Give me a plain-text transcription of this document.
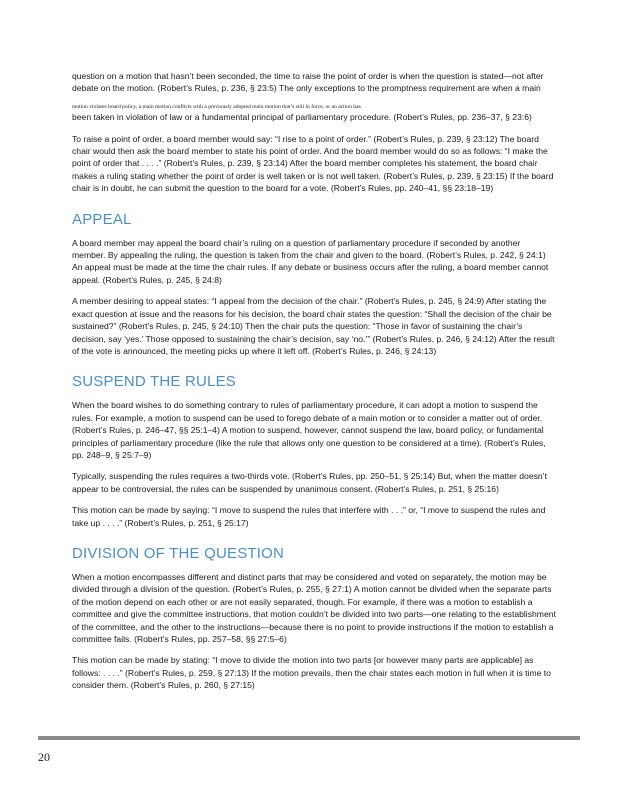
question on a motion that hasn’t been seconded, the time to raise the point of order is when the question is stated—not after debate on the motion. (Robert’s Rules, p. 236, § 23:5) The only exceptions to the promptness requirement are when a main

motion violates board policy, a main motion conflicts with a previously adopted main motion that’s still in force, or an action has

been taken in violation of law or a fundamental principal of parliamentary procedure. (Robert’s Rules, pp. 236–37, § 23:6)

To raise a point of order, a board member would say: “I rise to a point of order.” (Robert’s Rules, p. 239, § 23:12) The board chair would then ask the board member to state his point of order. And the board member would do so as follows: “I make the point of order that . . . .” (Robert’s Rules, p. 239, § 23:14) After the board member completes his statement, the board chair makes a ruling stating whether the point of order is well taken or is not well taken. (Robert’s Rules, p. 239, § 23:15) If the board chair is in doubt, he can submit the question to the board for a vote. (Robert’s Rules, pp. 240–41, §§ 23:18–19)

APPEAL

A board member may appeal the board chair’s ruling on a question of parliamentary procedure if seconded by another member. By appealing the ruling, the question is taken from the chair and given to the board. (Robert’s Rules, p. 242, § 24:1) An appeal must be made at the time the chair rules. If any debate or business occurs after the ruling, a board member cannot appeal. (Robert’s Rules, p. 245, § 24:8)

A member desiring to appeal states: “I appeal from the decision of the chair.” (Robert’s Rules, p. 245, § 24:9) After stating the exact question at issue and the reasons for his decision, the board chair states the question: “Shall the decision of the chair be sustained?” (Robert’s Rules, p. 245, § 24:10) Then the chair puts the question: “Those in favor of sustaining the chair’s decision, say ‘yes.’ Those opposed to sustaining the chair’s decision, say ‘no.’” (Robert’s Rules, p. 246, § 24:12) After the result of the vote is announced, the meeting picks up where it left off. (Robert’s Rules, p. 246, § 24:13)

SUSPEND THE RULES

When the board wishes to do something contrary to rules of parliamentary procedure, it can adopt a motion to suspend the rules. For example, a motion to suspend can be used to forego debate of a main motion or to consider a matter out of order. (Robert’s Rules, p. 246–47, §§ 25:1–4) A motion to suspend, however, cannot suspend the law, board policy, or fundamental principles of parliamentary procedure (like the rule that allows only one question to be considered at a time). (Robert’s Rules, pp. 248–9, § 25:7–9)

Typically, suspending the rules requires a two-thirds vote. (Robert’s Rules, pp. 250–51, § 25:14) But, when the matter doesn’t appear to be controversial, the rules can be suspended by unanimous consent. (Robert’s Rules, p. 251, § 25:16)

This motion can be made by saying: “I move to suspend the rules that interfere with . . .” or, “I move to suspend the rules and take up . . . .” (Robert’s Rules, p. 251, § 25:17)

DIVISION OF THE QUESTION

When a motion encompasses different and distinct parts that may be considered and voted on separately, the motion may be divided through a division of the question. (Robert’s Rules, p. 255, § 27:1) A motion cannot be divided when the separate parts of the motion depend on each other or are not easily separated, though. For example, if there was a motion to establish a committee and give the committee instructions, that motion couldn’t be divided into two parts—one relating to the establishment of the committee, and the other to the instructions—because there is no point to provide instructions if the motion to establish a committee fails. (Robert’s Rules, pp. 257–58, §§ 27:5–6)

This motion can be made by stating: “I move to divide the motion into two parts [or however many parts are applicable] as follows: . . . .” (Robert’s Rules, p. 259, § 27:13) If the motion prevails, then the chair states each motion in full when it is time to consider them. (Robert’s Rules, p. 260, § 27:15)

20
